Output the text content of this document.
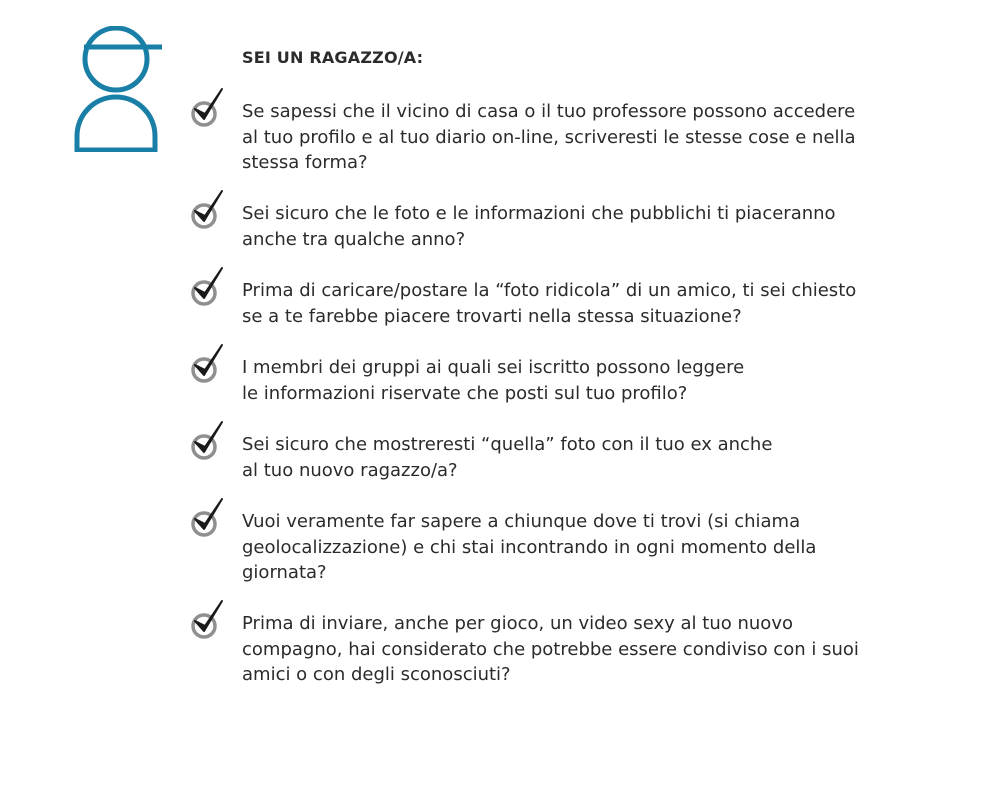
SEI UN RAGAZZO/A:

Se sapessi che il vicino di casa o il tuo professore possono accedere
al tuo profilo e al tuo diario on-line, scriveresti le stesse cose e nella
stessa forma?

Sei sicuro che le foto e le informazioni che pubblichi ti piaceranno
anche tra qualche anno?

Prima di caricare/postare la “foto ridicola” di un amico, ti sei chiesto
se a te farebbe piacere trovarti nella stessa situazione?

I membri dei gruppi ai quali sei iscritto possono leggere
le informazioni riservate che posti sul tuo profilo?

Sei sicuro che mostreresti “quella” foto con il tuo ex anche
al tuo nuovo ragazzo/a?

Vuoi veramente far sapere a chiunque dove ti trovi (si chiama
geolocalizzazione) e chi stai incontrando in ogni momento della
giornata?

Prima di inviare, anche per gioco, un video sexy al tuo nuovo
compagno, hai considerato che potrebbe essere condiviso con i suoi
amici o con degli sconosciuti?
